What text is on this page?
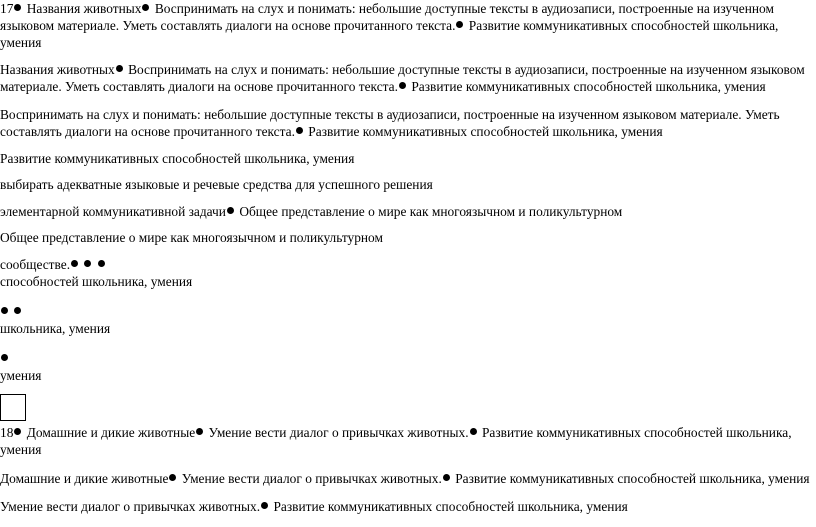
17 Названия животных Воспринимать на слух и понимать: небольшие доступные тексты в аудиозаписи, построенные на изученном языковом материале. Уметь составлять диалоги на основе прочитанного текста. Развитие коммуникативных способностей школьника, умения

Названия животных Воспринимать на слух и понимать: небольшие доступные тексты в аудиозаписи, построенные на изученном языковом материале. Уметь составлять диалоги на основе прочитанного текста. Развитие коммуникативных способностей школьника, умения

Воспринимать на слух и понимать: небольшие доступные тексты в аудиозаписи, построенные на изученном языковом материале. Уметь составлять диалоги на основе прочитанного текста. Развитие коммуникативных способностей школьника, умения

Развитие коммуникативных способностей школьника, умения

выбирать адекватные языковые и речевые средства для успешного решения

элементарной коммуникативной задачи Общее представление о мире как многоязычном и поликультурном

Общее представление о мире как многоязычном и поликультурном

сообществе.
способностей школьника, умения

школьника, умения

умения

18 Домашние и дикие животные Умение вести диалог о привычках животных. Развитие коммуникативных способностей школьника, умения

Домашние и дикие животные Умение вести диалог о привычках животных. Развитие коммуникативных способностей школьника, умения

Умение вести диалог о привычках животных. Развитие коммуникативных способностей школьника, умения
